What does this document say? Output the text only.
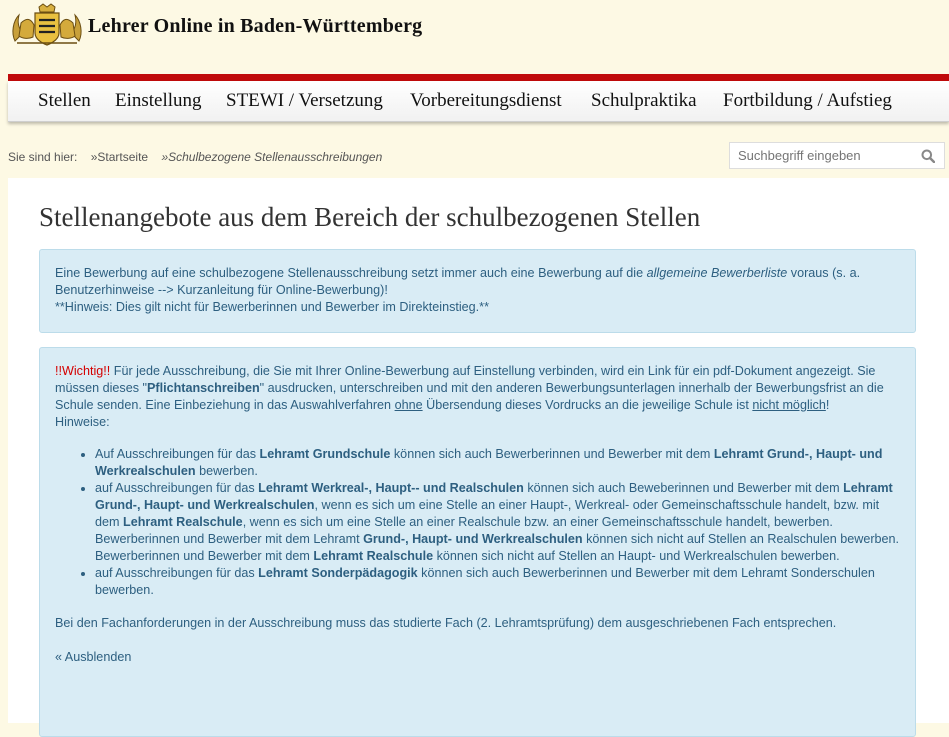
Lehrer Online in Baden-Württemberg
Stellen Einstellung STEWI / Versetzung Vorbereitungsdienst Schulpraktika Fortbildung / Aufstieg
Sie sind hier: »Startseite »Schulbezogene Stellenausschreibungen
Suchbegriff eingeben
Stellenangebote aus dem Bereich der schulbezogenen Stellen

Eine Bewerbung auf eine schulbezogene Stellenausschreibung setzt immer auch eine Bewerbung auf die allgemeine Bewerberliste voraus (s. a. Benutzerhinweise --> Kurzanleitung für Online-Bewerbung)!

**Hinweis: Dies gilt nicht für Bewerberinnen und Bewerber im Direkteinstieg.**

!!Wichtig!! Für jede Ausschreibung, die Sie mit Ihrer Online-Bewerbung auf Einstellung verbinden, wird ein Link für ein pdf-Dokument angezeigt. Sie müssen dieses "Pflichtanschreiben" ausdrucken, unterschreiben und mit den anderen Bewerbungsunterlagen innerhalb der Bewerbungsfrist an die Schule senden. Eine Einbeziehung in das Auswahlverfahren ohne Übersendung dieses Vordrucks an die jeweilige Schule ist nicht möglich!

Hinweise:

• Auf Ausschreibungen für das Lehramt Grundschule können sich auch Bewerberinnen und Bewerber mit dem Lehramt Grund-, Haupt- und Werkrealschulen bewerben.
• auf Ausschreibungen für das Lehramt Werkreal-, Haupt-- und Realschulen können sich auch Beweberinnen und Bewerber mit dem Lehramt Grund-, Haupt- und Werkrealschulen, wenn es sich um eine Stelle an einer Haupt-, Werkreal- oder Gemeinschaftsschule handelt, bzw. mit dem Lehramt Realschule, wenn es sich um eine Stelle an einer Realschule bzw. an einer Gemeinschaftsschule handelt, bewerben.
Bewerberinnen und Bewerber mit dem Lehramt Grund-, Haupt- und Werkrealschulen können sich nicht auf Stellen an Realschulen bewerben. Bewerberinnen und Bewerber mit dem Lehramt Realschule können sich nicht auf Stellen an Haupt- und Werkrealschulen bewerben.
• auf Ausschreibungen für das Lehramt Sonderpädagogik können sich auch Bewerberinnen und Bewerber mit dem Lehramt Sonderschulen bewerben.

Bei den Fachanforderungen in der Ausschreibung muss das studierte Fach (2. Lehramtsprüfung) dem ausgeschriebenen Fach entsprechen.

« Ausblenden
